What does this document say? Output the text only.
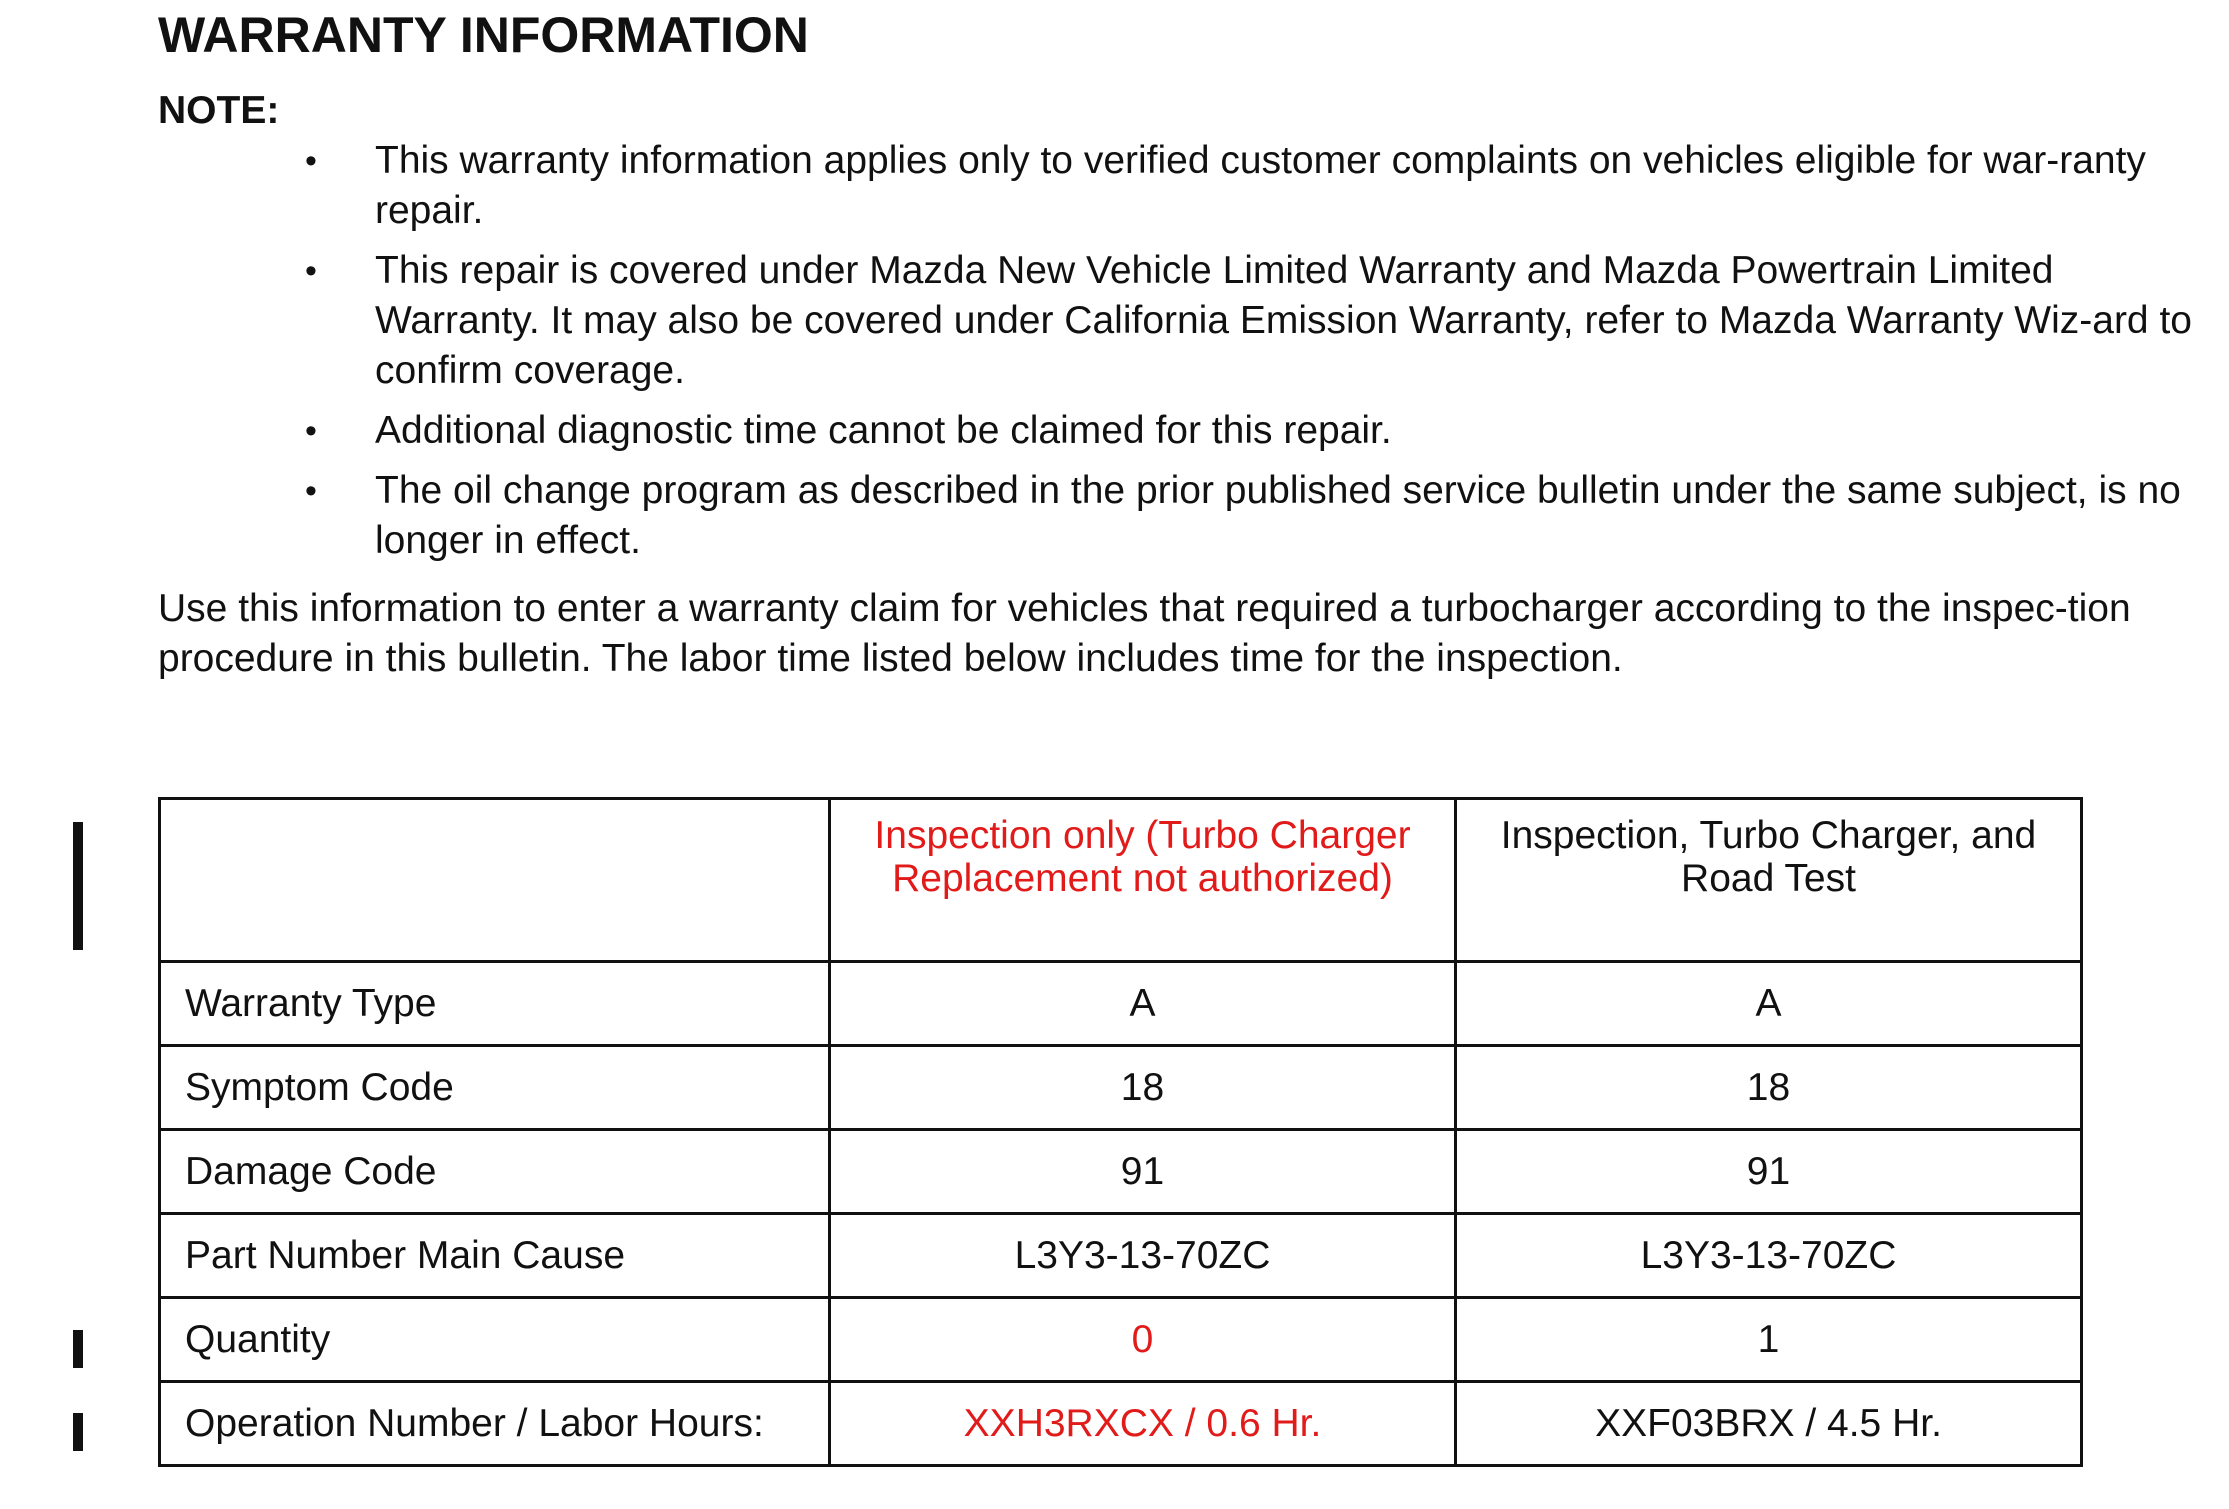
WARRANTY INFORMATION
NOTE:
• This warranty information applies only to verified customer complaints on vehicles eligible for war-ranty repair.
• This repair is covered under Mazda New Vehicle Limited Warranty and Mazda Powertrain Limited Warranty. It may also be covered under California Emission Warranty, refer to Mazda Warranty Wiz-ard to confirm coverage.
• Additional diagnostic time cannot be claimed for this repair.
• The oil change program as described in the prior published service bulletin under the same subject, is no longer in effect.

Use this information to enter a warranty claim for vehicles that required a turbocharger according to the inspec-tion procedure in this bulletin. The labor time listed below includes time for the inspection.

	Inspection only (Turbo Charger Replacement not authorized)	Inspection, Turbo Charger, and Road Test
Warranty Type	A	A
Symptom Code	18	18
Damage Code	91	91
Part Number Main Cause	L3Y3-13-70ZC	L3Y3-13-70ZC
Quantity	0	1
Operation Number / Labor Hours:	XXH3RXCX / 0.6 Hr.	XXF03BRX / 4.5 Hr.
